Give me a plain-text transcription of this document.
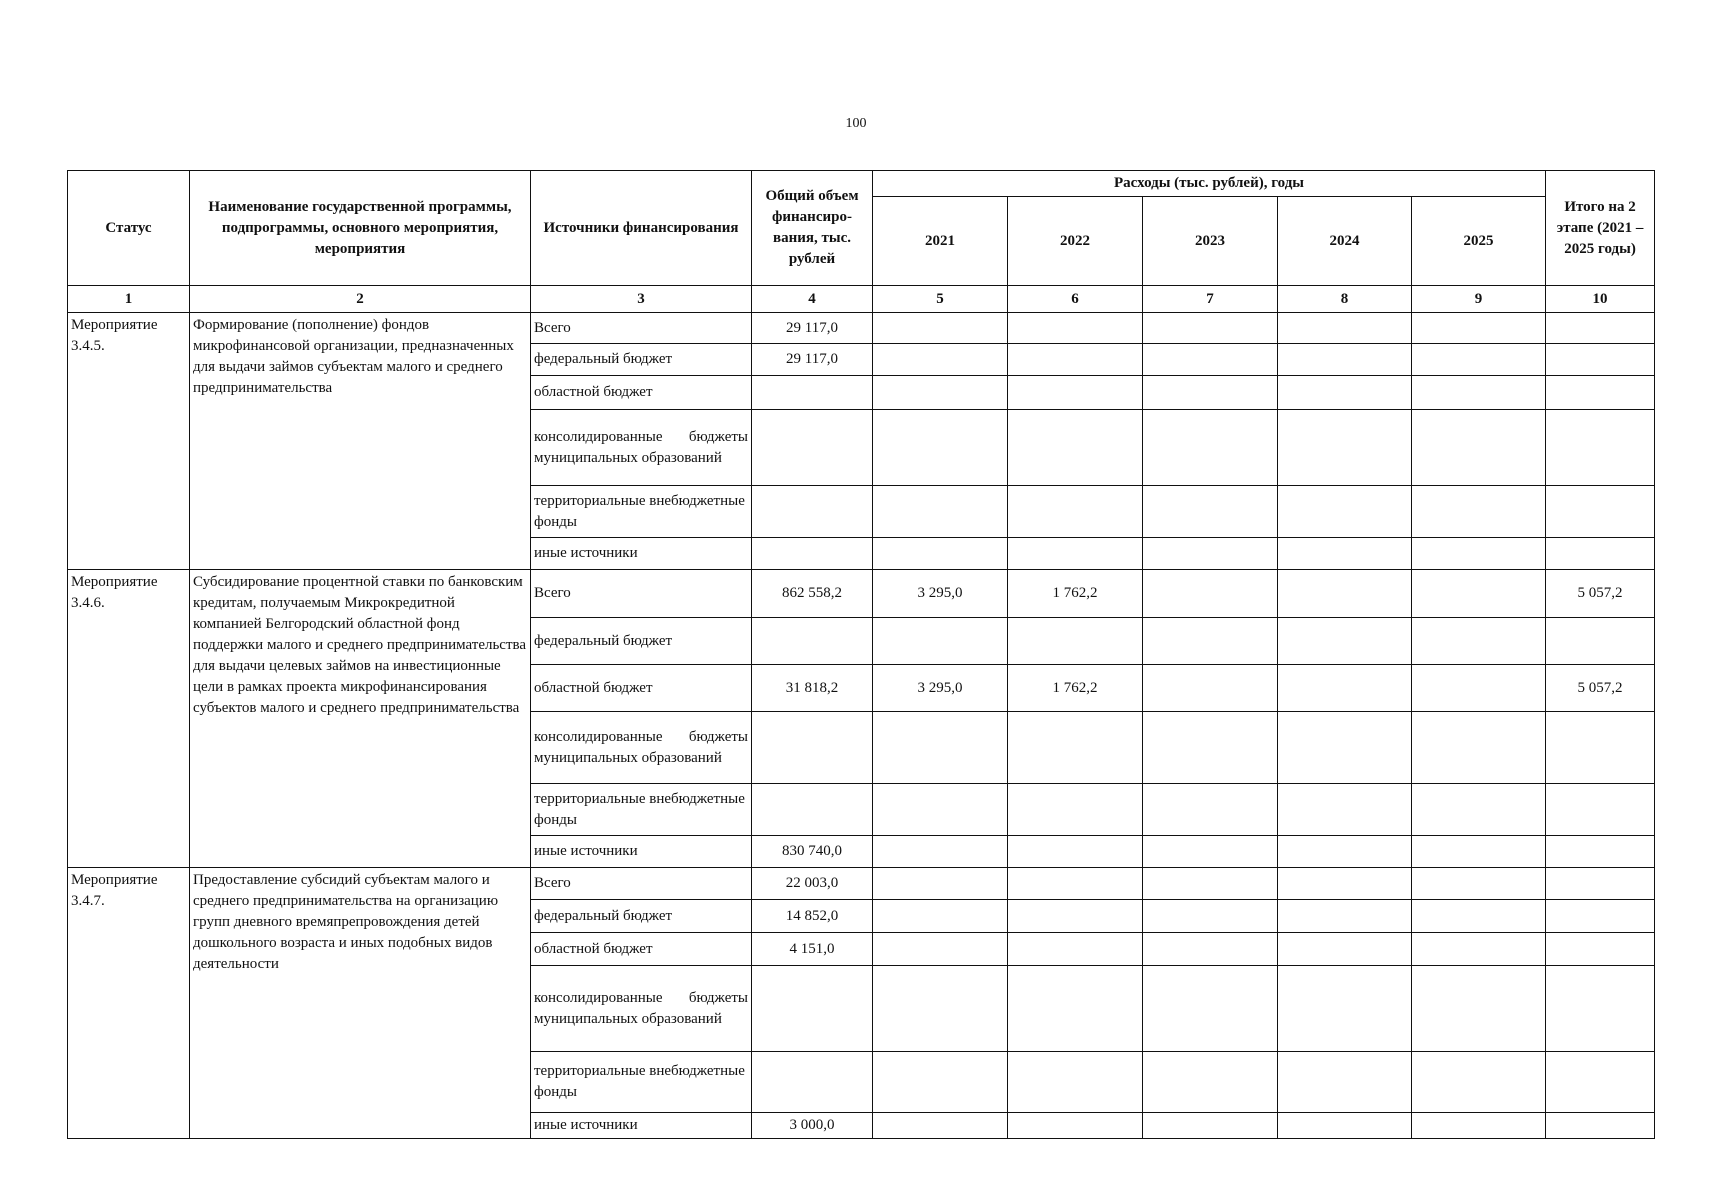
100
Статус	Наименование государственной программы, подпрограммы, основного мероприятия, мероприятия	Источники финансирования	Общий объем финансиро-вания, тыс. рублей	Расходы (тыс. рублей), годы					Итого на 2 этапе (2021 – 2025 годы)
				2021	2022	2023	2024	2025	
1	2	3	4	5	6	7	8	9	10
Мероприятие 3.4.5.	Формирование (пополнение) фондов микрофинансовой организации, предназначенных для выдачи займов субъектам малого и среднего предпринимательства	Всего	29 117,0						
		федеральный бюджет	29 117,0						
		областной бюджет							
		консолидированные бюджеты муниципальных образований							
		территориальные внебюджетные фонды							
		иные источники							
Мероприятие 3.4.6.	Субсидирование процентной ставки по банковским кредитам, получаемым Микрокредитной компанией Белгородский областной фонд поддержки малого и среднего предпринимательства для выдачи целевых займов на инвестиционные цели в рамках проекта микрофинансирования субъектов малого и среднего предпринимательства	Всего	862 558,2	3 295,0	1 762,2				5 057,2
		федеральный бюджет							
		областной бюджет	31 818,2	3 295,0	1 762,2				5 057,2
		консолидированные бюджеты муниципальных образований							
		территориальные внебюджетные фонды							
		иные источники	830 740,0						
Мероприятие 3.4.7.	Предоставление субсидий субъектам малого и среднего предпринимательства на организацию групп дневного времяпрепровождения детей дошкольного возраста и иных подобных видов деятельности	Всего	22 003,0						
		федеральный бюджет	14 852,0						
		областной бюджет	4 151,0						
		консолидированные бюджеты муниципальных образований							
		территориальные внебюджетные фонды							
		иные источники	3 000,0						
